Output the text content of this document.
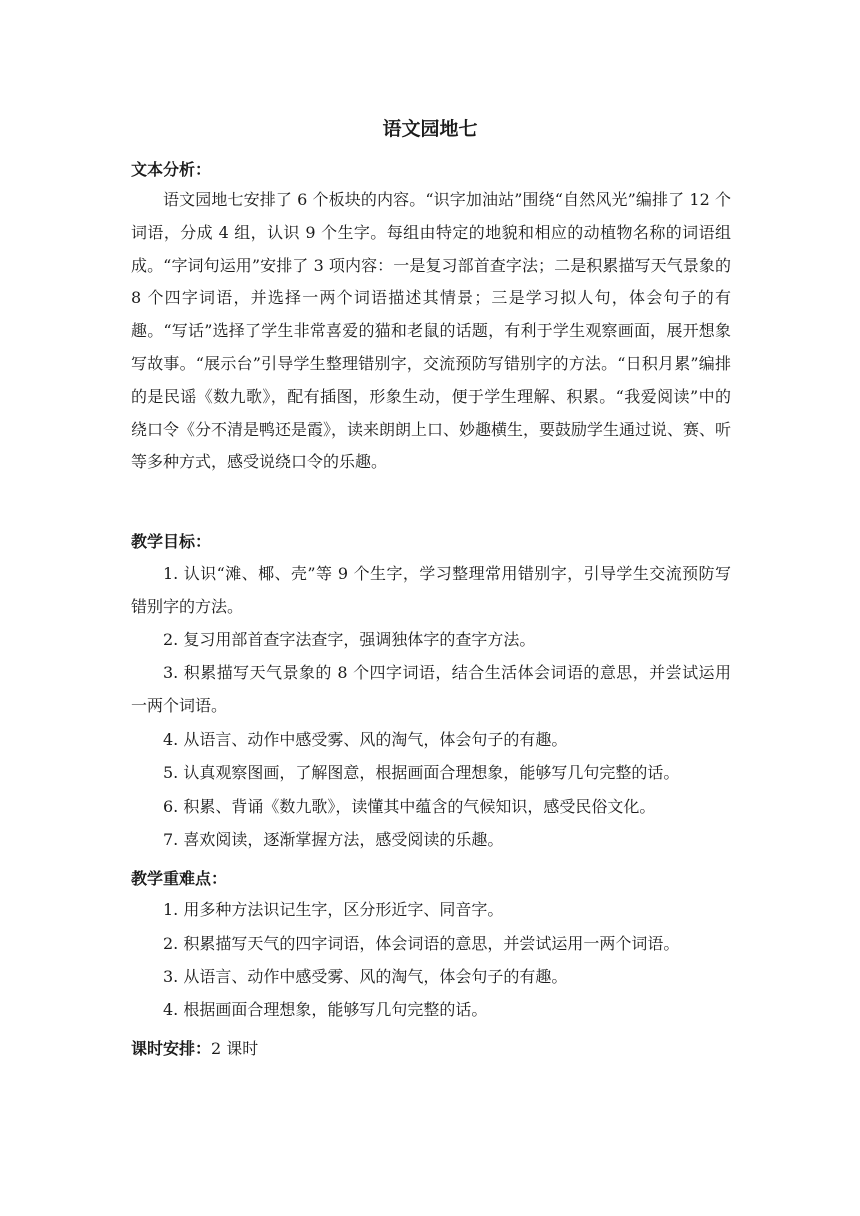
语文园地七
文本分析：
语文园地七安排了 6 个板块的内容。“识字加油站”围绕“自然风光”编排了 12 个词语，分成 4 组，认识 9 个生字。每组由特定的地貌和相应的动植物名称的词语组成。“字词句运用”安排了 3 项内容：一是复习部首查字法；二是积累描写天气景象的 8 个四字词语，并选择一两个词语描述其情景；三是学习拟人句，体会句子的有趣。“写话”选择了学生非常喜爱的猫和老鼠的话题，有利于学生观察画面，展开想象写故事。“展示台”引导学生整理错别字，交流预防写错别字的方法。“日积月累”编排的是民谣《数九歌》，配有插图，形象生动，便于学生理解、积累。“我爱阅读”中的绕口令《分不清是鸭还是霞》，读来朗朗上口、妙趣横生，要鼓励学生通过说、赛、听等多种方式，感受说绕口令的乐趣。
教学目标：
1. 认识“滩、椰、壳”等 9 个生字，学习整理常用错别字，引导学生交流预防写错别字的方法。
2. 复习用部首查字法查字，强调独体字的查字方法。
3. 积累描写天气景象的 8 个四字词语，结合生活体会词语的意思，并尝试运用一两个词语。
4. 从语言、动作中感受雾、风的淘气，体会句子的有趣。
5. 认真观察图画，了解图意，根据画面合理想象，能够写几句完整的话。
6. 积累、背诵《数九歌》，读懂其中蕴含的气候知识，感受民俗文化。
7. 喜欢阅读，逐渐掌握方法，感受阅读的乐趣。
教学重难点：
1. 用多种方法识记生字，区分形近字、同音字。
2. 积累描写天气的四字词语，体会词语的意思，并尝试运用一两个词语。
3. 从语言、动作中感受雾、风的淘气，体会句子的有趣。
4. 根据画面合理想象，能够写几句完整的话。
课时安排：2 课时
